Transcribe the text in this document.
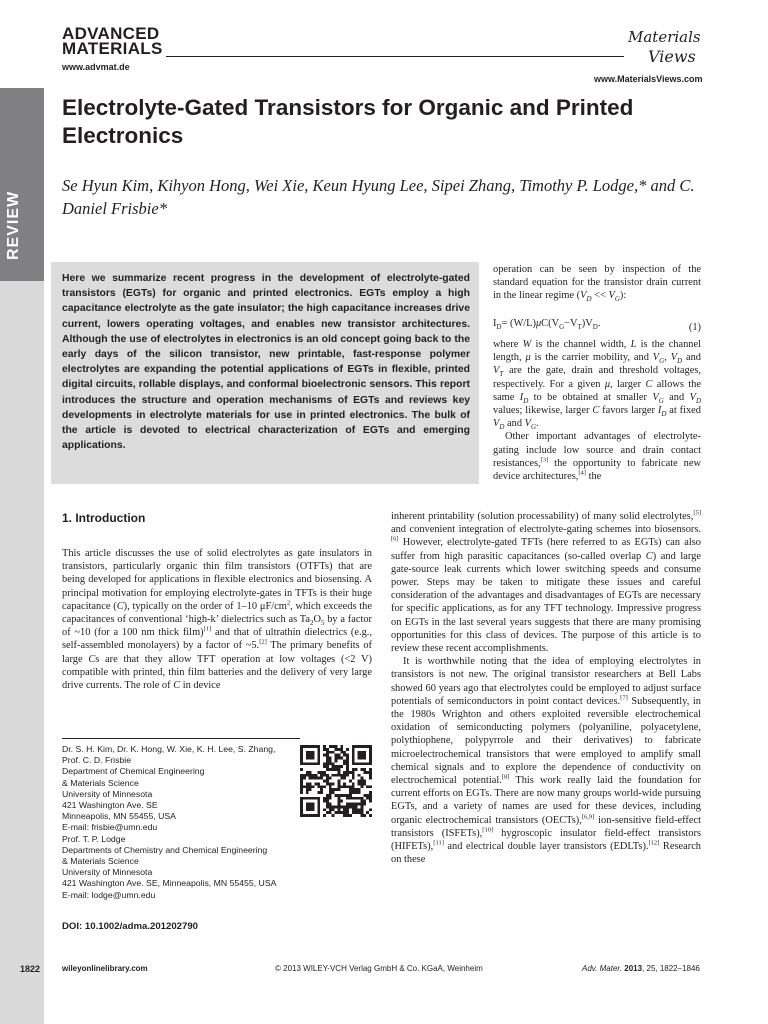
ADVANCED
MATERIALS
www.advmat.de
Materials
Views
www.MaterialsViews.com
REVIEW
Electrolyte-Gated Transistors for Organic and Printed Electronics
Se Hyun Kim, Kihyon Hong, Wei Xie, Keun Hyung Lee, Sipei Zhang, Timothy P. Lodge,* and C. Daniel Frisbie*
Here we summarize recent progress in the development of electrolyte-gated transistors (EGTs) for organic and printed electronics. EGTs employ a high capacitance electrolyte as the gate insulator; the high capacitance increases drive current, lowers operating voltages, and enables new transistor architectures. Although the use of electrolytes in electronics is an old concept going back to the early days of the silicon transistor, new printable, fast-response polymer electrolytes are expanding the potential applications of EGTs in flexible, printed digital circuits, rollable displays, and conformal bioelectronic sensors. This report introduces the structure and operation mechanisms of EGTs and reviews key developments in electrolyte materials for use in printed electronics. The bulk of the article is devoted to electrical characterization of EGTs and emerging applications.
operation can be seen by inspection of the standard equation for the transistor drain current in the linear regime $(V_D << V_G)$:
$I_D= (W/L)\mu C(V_G-V_T)V_D$.	(1)

where W is the channel width, L is the channel length, μ is the carrier mobility, and $V_G$, $V_D$ and $V_T$ are the gate, drain and threshold voltages, respectively. For a given μ, larger C allows the same $I_D$ to be obtained at smaller $V_G$ and $V_D$ values; likewise, larger C favors larger $I_D$ at fixed $V_D$ and $V_G$.

Other important advantages of electrolyte-gating include low source and drain contact resistances,[3] the opportunity to fabricate new device architectures,[4] the

inherent printability (solution processability) of many solid electrolytes,[5] and convenient integration of electrolyte-gating schemes into biosensors.[6] However, electrolyte-gated TFTs (here referred to as EGTs) can also suffer from high parasitic capacitances (so-called overlap C) and large gate-source leak currents which lower switching speeds and consume power. Steps may be taken to mitigate these issues and careful consideration of the advantages and disadvantages of EGTs are necessary for specific applications, as for any TFT technology. Impressive progress on EGTs in the last several years suggests that there are many promising opportunities for this class of devices. The purpose of this article is to review these recent accomplishments.

It is worthwhile noting that the idea of employing electrolytes in transistors is not new. The original transistor researchers at Bell Labs showed 60 years ago that electrolytes could be employed to adjust surface potentials of semiconductors in point contact devices.[7] Subsequently, in the 1980s Wrighton and others exploited reversible electrochemical oxidation of semiconducting polymers (polyaniline, polyacetylene, polythiophene, polypyrrole and their derivatives) to fabricate microelectrochemical transistors that were employed to amplify small chemical signals and to explore the dependence of conductivity on electrochemical potential.[8] This work really laid the foundation for current efforts on EGTs. There are now many groups world-wide pursuing EGTs, and a variety of names are used for these devices, including organic electrochemical transistors (OECTs),[6,9] ion-sensitive field-effect transistors (ISFETs),[10] hygroscopic insulator field-effect transistors (HIFETs),[11] and electrical double layer transistors (EDLTs).[12] Research on these

1. Introduction
This article discusses the use of solid electrolytes as gate insulators in transistors, particularly organic thin film transistors (OTFTs) that are being developed for applications in flexible electronics and biosensing. A principal motivation for employing electrolyte-gates in TFTs is their huge capacitance (C), typically on the order of 1–10 $\mu F/cm^2$, which exceeds the capacitances of conventional ‘high-k’ dielectrics such as $Ta_2O_5$ by a factor of ~10 (for a 100 nm thick film)[1] and that of ultrathin dielectrics (e.g., self-assembled monolayers) by a factor of ~5.[2] The primary benefits of large Cs are that they allow TFT operation at low voltages (<2 V) compatible with printed, thin film batteries and the delivery of very large drive currents. The role of C in device
Dr. S. H. Kim, Dr. K. Hong, W. Xie, K. H. Lee, S. Zhang,
Prof. C. D. Frisbie
Department of Chemical Engineering
& Materials Science
University of Minnesota
421 Washington Ave. SE
Minneapolis, MN 55455, USA
E-mail: frisbie@umn.edu
Prof. T. P. Lodge
Departments of Chemistry and Chemical Engineering
& Materials Science
University of Minnesota
421 Washington Ave. SE, Minneapolis, MN 55455, USA
E-mail: lodge@umn.edu
DOI: 10.1002/adma.201202790
1822	wileyonlinelibrary.com	© 2013 WILEY-VCH Verlag GmbH & Co. KGaA, Weinheim	Adv. Mater. 2013, 25, 1822–1846
